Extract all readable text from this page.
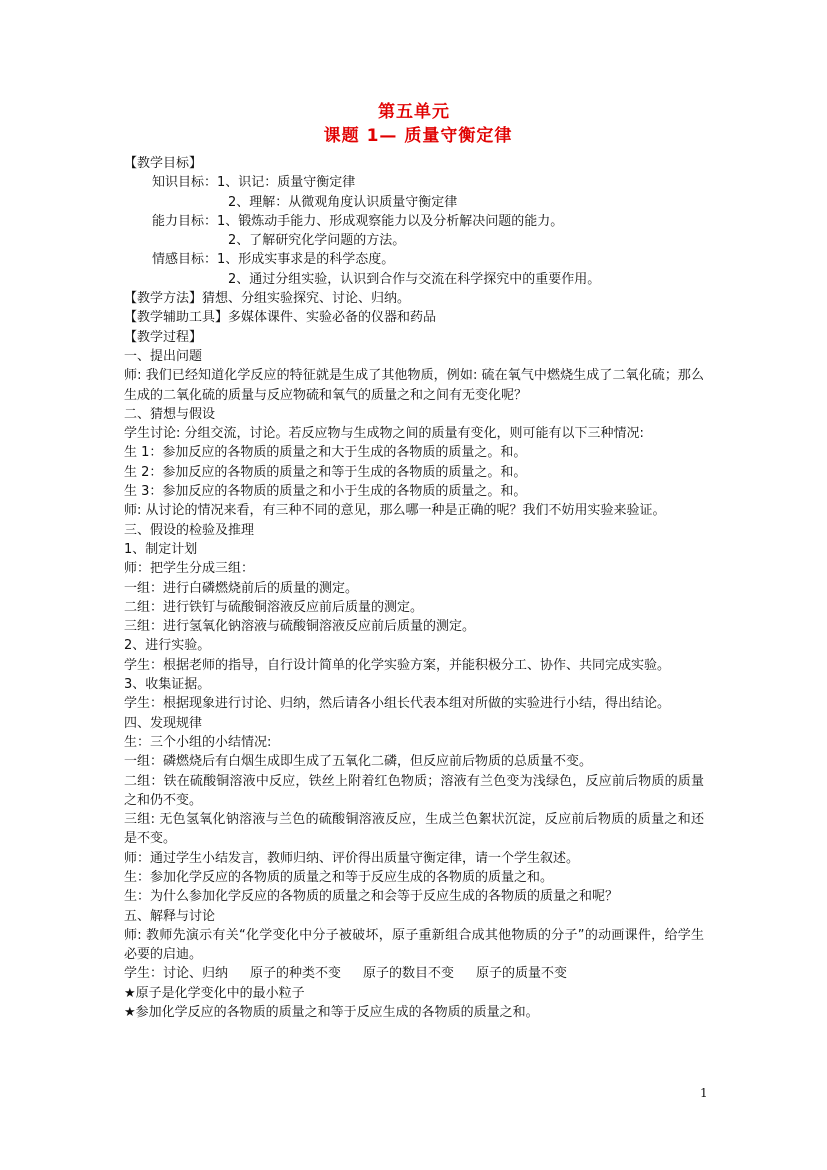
第五单元
课题 1— 质量守衡定律
【教学目标】
知识目标：1、识记：质量守衡定律
2、理解：从微观角度认识质量守衡定律
能力目标：1、锻炼动手能力、形成观察能力以及分析解决问题的能力。
2、了解研究化学问题的方法。
情感目标：1、形成实事求是的科学态度。
2、通过分组实验，认识到合作与交流在科学探究中的重要作用。
【教学方法】猜想、分组实验探究、讨论、归纳。
【教学辅助工具】多媒体课件、实验必备的仪器和药品
【教学过程】
一、提出问题
师: 我们已经知道化学反应的特征就是生成了其他物质，例如: 硫在氧气中燃烧生成了二氧化硫；那么生成的二氧化硫的质量与反应物硫和氧气的质量之和之间有无变化呢？
二、猜想与假设
学生讨论: 分组交流，讨论。若反应物与生成物之间的质量有变化，则可能有以下三种情况:
生 1：参加反应的各物质的质量之和大于生成的各物质的质量之。和。
生 2：参加反应的各物质的质量之和等于生成的各物质的质量之。和。
生 3：参加反应的各物质的质量之和小于生成的各物质的质量之。和。
师: 从讨论的情况来看，有三种不同的意见，那么哪一种是正确的呢？我们不妨用实验来验证。
三、假设的检验及推理
1、制定计划
师：把学生分成三组：
一组：进行白磷燃烧前后的质量的测定。
二组：进行铁钉与硫酸铜溶液反应前后质量的测定。
三组：进行氢氧化钠溶液与硫酸铜溶液反应前后质量的测定。
2、进行实验。
学生：根据老师的指导，自行设计简单的化学实验方案，并能积极分工、协作、共同完成实验。
3、收集证据。
学生：根据现象进行讨论、归纳，然后请各小组长代表本组对所做的实验进行小结，得出结论。
四、发现规律
生：三个小组的小结情况:
一组：磷燃烧后有白烟生成即生成了五氧化二磷，但反应前后物质的总质量不变。
二组：铁在硫酸铜溶液中反应，铁丝上附着红色物质；溶液有兰色变为浅绿色，反应前后物质的质量之和仍不变。
三组: 无色氢氧化钠溶液与兰色的硫酸铜溶液反应，生成兰色絮状沉淀，反应前后物质的质量之和还是不变。
师：通过学生小结发言，教师归纳、评价得出质量守衡定律，请一个学生叙述。
生：参加化学反应的各物质的质量之和等于反应生成的各物质的质量之和。
生：为什么参加化学反应的各物质的质量之和会等于反应生成的各物质的质量之和呢？
五、解释与讨论
师: 教师先演示有关“化学变化中分子被破坏，原子重新组合成其他物质的分子”的动画课件，给学生必要的启迪。
学生：讨论、归纳 原子的种类不变 原子的数目不变 原子的质量不变
★原子是化学变化中的最小粒子
★参加化学反应的各物质的质量之和等于反应生成的各物质的质量之和。
1
